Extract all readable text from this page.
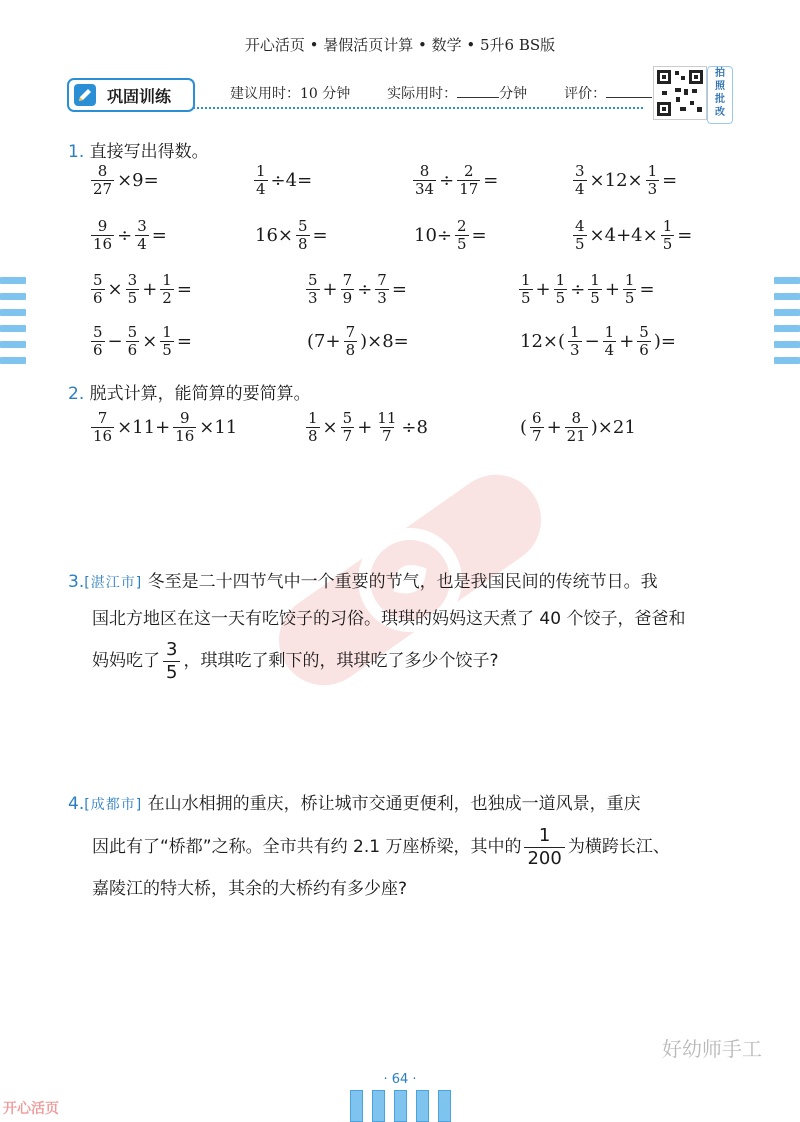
开心活页 • 暑假活页计算 • 数学 • 5升6 BS版
巩固训练	建议用时：10 分钟	实际用时：	分钟	评价：
拍
照
批
改
1. 直接写出得数。
2. 脱式计算，能简算的要简算。
3.[湛江市] 冬至是二十四节气中一个重要的节气，也是我国民间的传统节日。我
国北方地区在这一天有吃饺子的习俗。琪琪的妈妈这天煮了 40 个饺子，爸爸和
妈妈吃了 $\frac{3}{5}$ ，琪琪吃了剩下的，琪琪吃了多少个饺子?
4.[成都市] 在山水相拥的重庆，桥让城市交通更便利，也独成一道风景，重庆
因此有了“桥都”之称。全市共有约 2.1 万座桥梁，其中的 $\frac{1}{200}$ 为横跨长江、
嘉陵江的特大桥，其余的大桥约有多少座?
好幼师手工
· 64 ·
开心活页
$\frac{8}{27} \times 9=$	$\frac{1}{4} \div 4=$	$\frac{8}{34} \div \frac{2}{17}$ =	$\frac{3}{4} \times 12\times \frac{1}{3}$ =
$\frac{9}{16} \div \frac{3}{4}$ =	$16\times \frac{5}{8}$ =	$10\div \frac{2}{5}$ =	$\frac{4}{5} \times 4+4\times \frac{1}{5}$ =
$\frac{5}{6} \times \frac{3}{5} + \frac{1}{2}$ =	$\frac{5}{3} + \frac{7}{9} \div \frac{7}{3}$ =	$\frac{1}{5} + \frac{1}{5} \div \frac{1}{5} + \frac{1}{5}$ =
$\frac{5}{6} - \frac{5}{6} \times \frac{1}{5}$ =	$(7+ \frac{7}{8} )\times 8=$	$12\times( \frac{1}{3} - \frac{1}{4} + \frac{5}{6}$ )=
$\frac{7}{16} \times 11+ \frac{9}{16} \times 11$	$\frac{1}{8} \times \frac{5}{7} + \frac{11}{7} \div 8$	( $\frac{6}{7} + \frac{8}{21} )\times 21$
